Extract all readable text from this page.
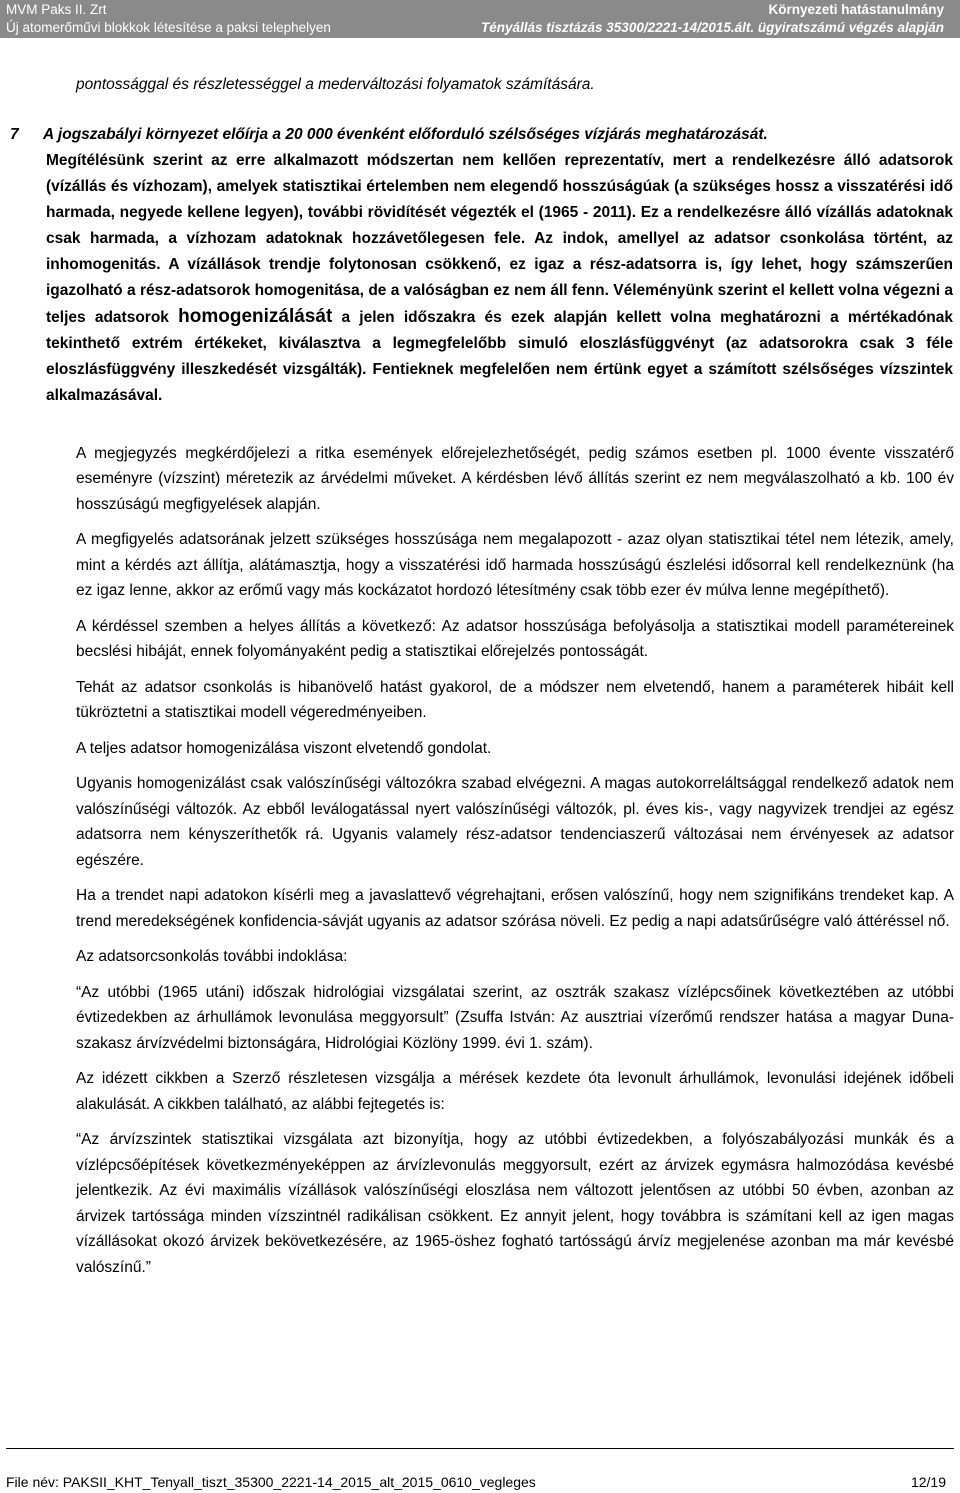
MVM Paks II. Zrt
Új atomerőművi blokkok létesítése a paksi telephelyen
Környezeti hatástanulmány
Tényállás tisztázás 35300/2221-14/2015.ált. ügyiratszámú végzés alapján

pontossággal és részletességgel a mederváltozási folyamatok számítására.

7 A jogszabályi környezet előírja a 20 000 évenként előforduló szélsőséges vízjárás meghatározását.

Megítélésünk szerint az erre alkalmazott módszertan nem kellően reprezentatív, mert a rendelkezésre álló adatsorok (vízállás és vízhozam), amelyek statisztikai értelemben nem elegendő hosszúságúak (a szükséges hossz a visszatérési idő harmada, negyede kellene legyen), további rövidítését végezték el (1965 - 2011). Ez a rendelkezésre álló vízállás adatoknak csak harmada, a vízhozam adatoknak hozzávetőlegesen fele. Az indok, amellyel az adatsor csonkolása történt, az inhomogenitás. A vízállások trendje folytonosan csökkenő, ez igaz a rész-adatsorra is, így lehet, hogy számszerűen igazolható a rész-adatsorok homogenitása, de a valóságban ez nem áll fenn. Véleményünk szerint el kellett volna végezni a teljes adatsorok homogenizálását a jelen időszakra és ezek alapján kellett volna meghatározni a mértékadónak tekinthető extrém értékeket, kiválasztva a legmegfelelőbb simuló eloszlásfüggvényt (az adatsorokra csak 3 féle eloszlásfüggvény illeszkedését vizsgálták). Fentieknek megfelelően nem értünk egyet a számított szélsőséges vízszintek alkalmazásával.

A megjegyzés megkérdőjelezi a ritka események előrejelezhetőségét, pedig számos esetben pl. 1000 évente visszatérő eseményre (vízszint) méretezik az árvédelmi műveket. A kérdésben lévő állítás szerint ez nem megválaszolható a kb. 100 év hosszúságú megfigyelések alapján.

A megfigyelés adatsorának jelzett szükséges hosszúsága nem megalapozott - azaz olyan statisztikai tétel nem létezik, amely, mint a kérdés azt állítja, alátámasztja, hogy a visszatérési idő harmada hosszúságú észlelési idősorral kell rendelkeznünk (ha ez igaz lenne, akkor az erőmű vagy más kockázatot hordozó létesítmény csak több ezer év múlva lenne megépíthető).

A kérdéssel szemben a helyes állítás a következő: Az adatsor hosszúsága befolyásolja a statisztikai modell paramétereinek becslési hibáját, ennek folyományaként pedig a statisztikai előrejelzés pontosságát.

Tehát az adatsor csonkolás is hibanövelő hatást gyakorol, de a módszer nem elvetendő, hanem a paraméterek hibáit kell tükröztetni a statisztikai modell végeredményeiben.

A teljes adatsor homogenizálása viszont elvetendő gondolat.

Ugyanis homogenizálást csak valószínűségi változókra szabad elvégezni. A magas autokorreláltsággal rendelkező adatok nem valószínűségi változók. Az ebből leválogatással nyert valószínűségi változók, pl. éves kis-, vagy nagyvizek trendjei az egész adatsorra nem kényszeríthetők rá. Ugyanis valamely rész-adatsor tendenciaszerű változásai nem érvényesek az adatsor egészére.

Ha a trendet napi adatokon kísérli meg a javaslattevő végrehajtani, erősen valószínű, hogy nem szignifikáns trendeket kap. A trend meredekségének konfidencia-sávját ugyanis az adatsor szórása növeli. Ez pedig a napi adatsűrűségre való áttéréssel nő.

Az adatsorcsonkolás további indoklása:

“Az utóbbi (1965 utáni) időszak hidrológiai vizsgálatai szerint, az osztrák szakasz vízlépcsőinek következtében az utóbbi évtizedekben az árhullámok levonulása meggyorsult” (Zsuffa István: Az ausztriai vízerőmű rendszer hatása a magyar Duna-szakasz árvízvédelmi biztonságára, Hidrológiai Közlöny 1999. évi 1. szám).

Az idézett cikkben a Szerző részletesen vizsgálja a mérések kezdete óta levonult árhullámok, levonulási idejének időbeli alakulását. A cikkben található, az alábbi fejtegetés is:

“Az árvízszintek statisztikai vizsgálata azt bizonyítja, hogy az utóbbi évtizedekben, a folyószabályozási munkák és a vízlépcsőépítések következményeképpen az árvízlevonulás meggyorsult, ezért az árvizek egymásra halmozódása kevésbé jelentkezik. Az évi maximális vízállások valószínűségi eloszlása nem változott jelentősen az utóbbi 50 évben, azonban az árvizek tartóssága minden vízszintnél radikálisan csökkent. Ez annyit jelent, hogy továbbra is számítani kell az igen magas vízállásokat okozó árvizek bekövetkezésére, az 1965-öshez fogható tartósságú árvíz megjelenése azonban ma már kevésbé valószínű.”

File név: PAKSII_KHT_Tenyall_tiszt_35300_2221-14_2015_alt_2015_0610_vegleges	12/19
